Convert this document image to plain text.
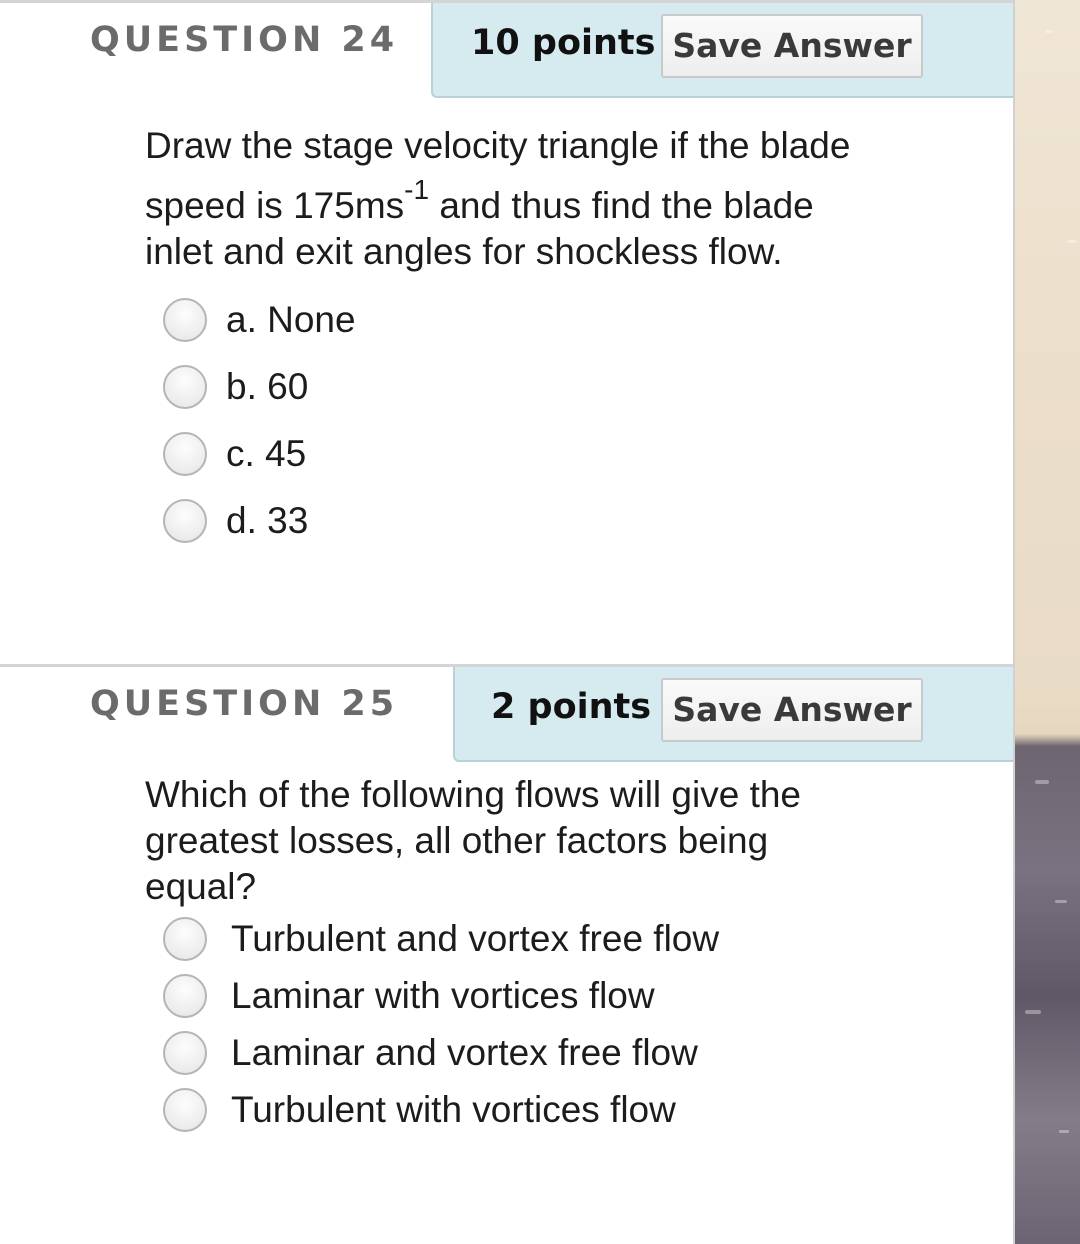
QUESTION 24 10 points Save Answer
Draw the stage velocity triangle if the blade
speed is $175ms^{-1}$ and thus find the blade
inlet and exit angles for shockless flow.
a. None
b. 60
c. 45
d. 33
QUESTION 25	2 points Save Answer
Which of the following flows will give the
greatest losses, all other factors being
equal?
Turbulent and vortex free flow
Laminar with vortices flow
Laminar and vortex free flow
Turbulent with vortices flow
